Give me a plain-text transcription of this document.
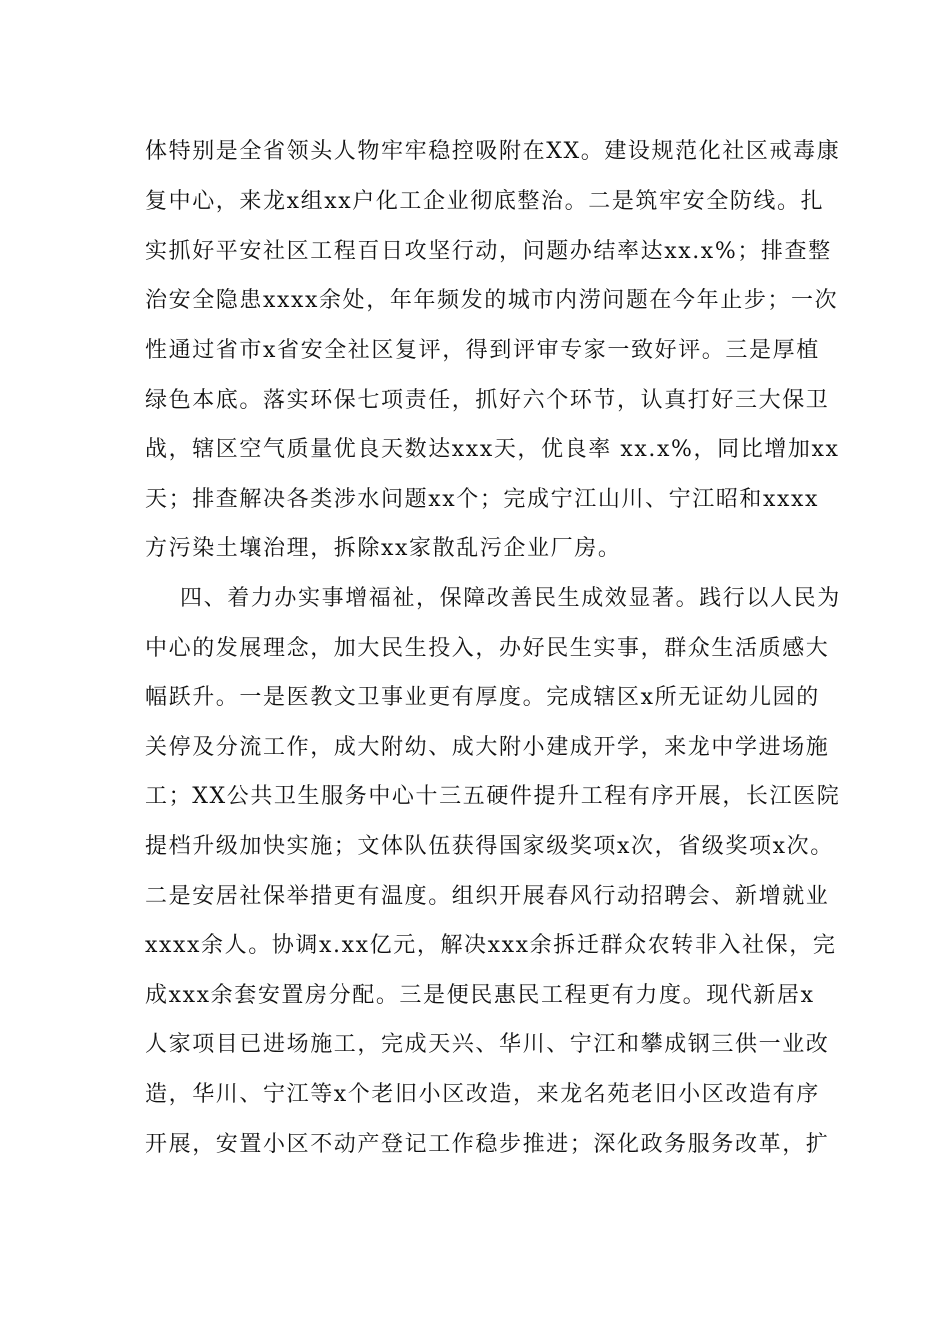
体特别是全省领头人物牢牢稳控吸附在XX。建设规范化社区戒毒康
复中心，来龙x组xx户化工企业彻底整治。二是筑牢安全防线。扎
实抓好平安社区工程百日攻坚行动，问题办结率达xx.x%；排查整
治安全隐患xxxx余处，年年频发的城市内涝问题在今年止步；一次
性通过省市x省安全社区复评，得到评审专家一致好评。三是厚植
绿色本底。落实环保七项责任，抓好六个环节，认真打好三大保卫
战，辖区空气质量优良天数达xxx天，优良率 xx.x%，同比增加xx
天；排查解决各类涉水问题xx个；完成宁江山川、宁江昭和xxxx
方污染土壤治理，拆除xx家散乱污企业厂房。
四、着力办实事增福祉，保障改善民生成效显著。践行以人民为
中心的发展理念，加大民生投入，办好民生实事，群众生活质感大
幅跃升。一是医教文卫事业更有厚度。完成辖区x所无证幼儿园的
关停及分流工作，成大附幼、成大附小建成开学，来龙中学进场施
工；XX公共卫生服务中心十三五硬件提升工程有序开展，长江医院
提档升级加快实施；文体队伍获得国家级奖项x次，省级奖项x次。
二是安居社保举措更有温度。组织开展春风行动招聘会、新增就业
xxxx余人。协调x.xx亿元，解决xxx余拆迁群众农转非入社保，完
成xxx余套安置房分配。三是便民惠民工程更有力度。现代新居x
人家项目已进场施工，完成天兴、华川、宁江和攀成钢三供一业改
造，华川、宁江等x个老旧小区改造，来龙名苑老旧小区改造有序
开展，安置小区不动产登记工作稳步推进；深化政务服务改革，扩
